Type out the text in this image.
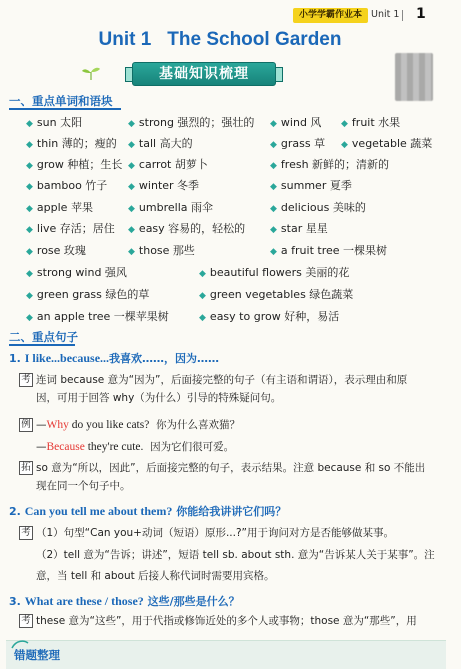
小学学霸作业本 Unit 1 1
Unit 1 The School Garden
基础知识梳理
一、重点单词和语块
◆ sun 太阳
◆ thin 薄的；瘦的
◆ grow 种植；生长
◆ bamboo 竹子
◆ apple 苹果
◆ live 存活；居住
◆ rose 玫瑰
◆ strong 强烈的；强壮的
◆ tall 高大的
◆ carrot 胡萝卜
◆ winter 冬季
◆ umbrella 雨伞
◆ easy 容易的，轻松的
◆ those 那些
◆ wind 风
◆ grass 草
◆ fresh 新鲜的；清新的
◆ summer 夏季
◆ delicious 美味的
◆ star 星星
◆ a fruit tree 一棵果树
◆ fruit 水果
◆ vegetable 蔬菜
◆ strong wind 强风
◆ green grass 绿色的草
◆ an apple tree 一棵苹果树
◆ beautiful flowers 美丽的花
◆ green vegetables 绿色蔬菜
◆ easy to grow 好种，易活
二、重点句子
1. I like...because...我喜欢……，因为……
考 连词 because 意为“因为”，后面接完整的句子（有主语和谓语），表示理由和原
因，可用于回答 why（为什么）引导的特殊疑问句。
例 —Why do you like cats? 你为什么喜欢猫？
—Because they're cute. 因为它们很可爱。
拓 so 意为“所以，因此”，后面接完整的句子，表示结果。注意 because 和 so 不能出
现在同一个句子中。
2. Can you tell me about them? 你能给我讲讲它们吗？
考 （1）句型“Can you+动词（短语）原形...?”用于询问对方是否能够做某事。
（2）tell 意为“告诉；讲述”，短语 tell sb. about sth. 意为“告诉某人关于某事”。注
意，当 tell 和 about 后接人称代词时需要用宾格。
3. What are these / those? 这些/那些是什么？
考 these 意为“这些”，用于代指或修饰近处的多个人或事物；those 意为“那些”，用
错题整理
